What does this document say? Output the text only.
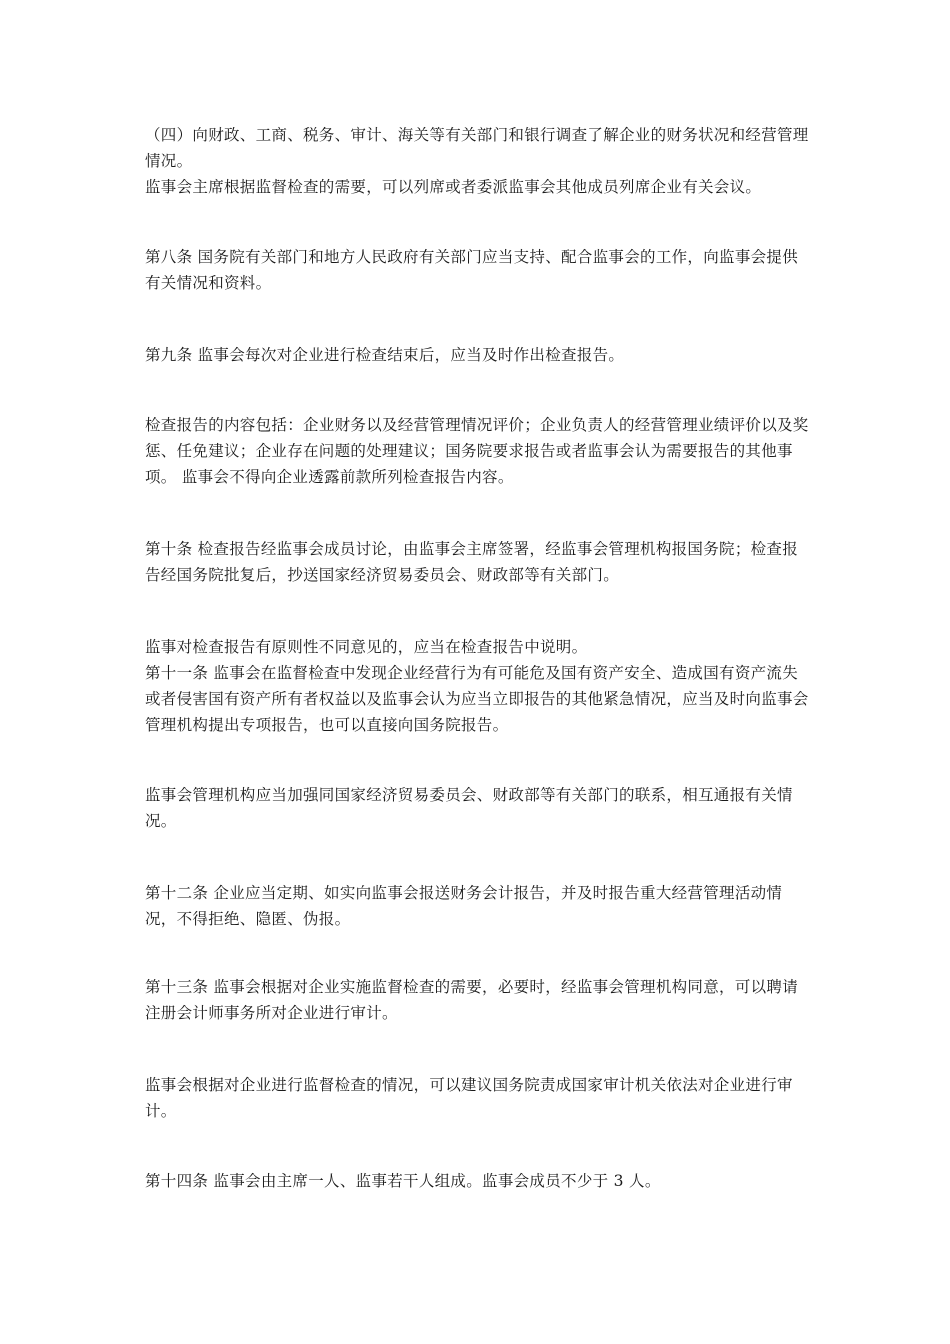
（四）向财政、工商、税务、审计、海关等有关部门和银行调查了解企业的财务状况和经营管理情况。

监事会主席根据监督检查的需要，可以列席或者委派监事会其他成员列席企业有关会议。

第八条 国务院有关部门和地方人民政府有关部门应当支持、配合监事会的工作，向监事会提供有关情况和资料。

第九条 监事会每次对企业进行检查结束后，应当及时作出检查报告。

检查报告的内容包括：企业财务以及经营管理情况评价；企业负责人的经营管理业绩评价以及奖惩、任免建议；企业存在问题的处理建议；国务院要求报告或者监事会认为需要报告的其他事项。 监事会不得向企业透露前款所列检查报告内容。

第十条 检查报告经监事会成员讨论，由监事会主席签署，经监事会管理机构报国务院；检查报告经国务院批复后，抄送国家经济贸易委员会、财政部等有关部门。

监事对检查报告有原则性不同意见的，应当在检查报告中说明。

第十一条 监事会在监督检查中发现企业经营行为有可能危及国有资产安全、造成国有资产流失或者侵害国有资产所有者权益以及监事会认为应当立即报告的其他紧急情况，应当及时向监事会管理机构提出专项报告，也可以直接向国务院报告。

监事会管理机构应当加强同国家经济贸易委员会、财政部等有关部门的联系，相互通报有关情况。

第十二条 企业应当定期、如实向监事会报送财务会计报告，并及时报告重大经营管理活动情况，不得拒绝、隐匿、伪报。

第十三条 监事会根据对企业实施监督检查的需要，必要时，经监事会管理机构同意，可以聘请注册会计师事务所对企业进行审计。

监事会根据对企业进行监督检查的情况，可以建议国务院责成国家审计机关依法对企业进行审计。

第十四条 监事会由主席一人、监事若干人组成。监事会成员不少于 3 人。
